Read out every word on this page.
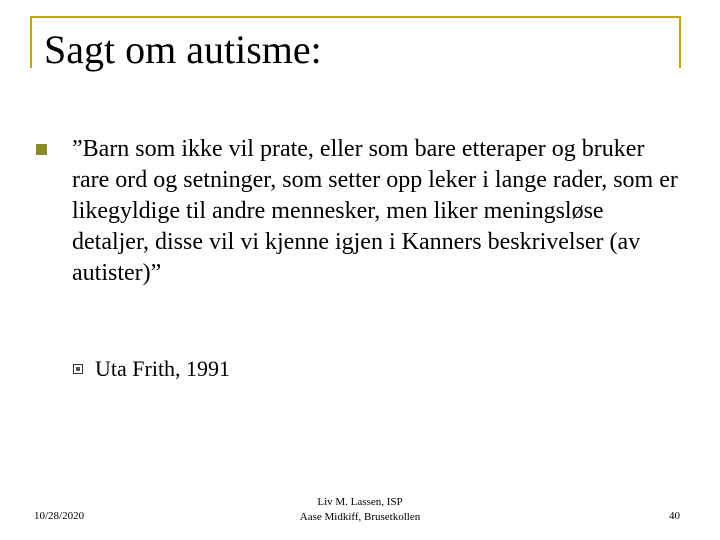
Sagt om autisme:
”Barn som ikke vil prate, eller som bare etteraper og bruker rare ord og setninger, som setter opp leker i lange rader, som er likegyldige til andre mennesker, men liker meningsløse detaljer, disse vil vi kjenne igjen i Kanners beskrivelser (av autister)”
Uta Frith, 1991
10/28/2020
Liv M. Lassen, ISP
Aase Midkiff, Brusetkollen	40
